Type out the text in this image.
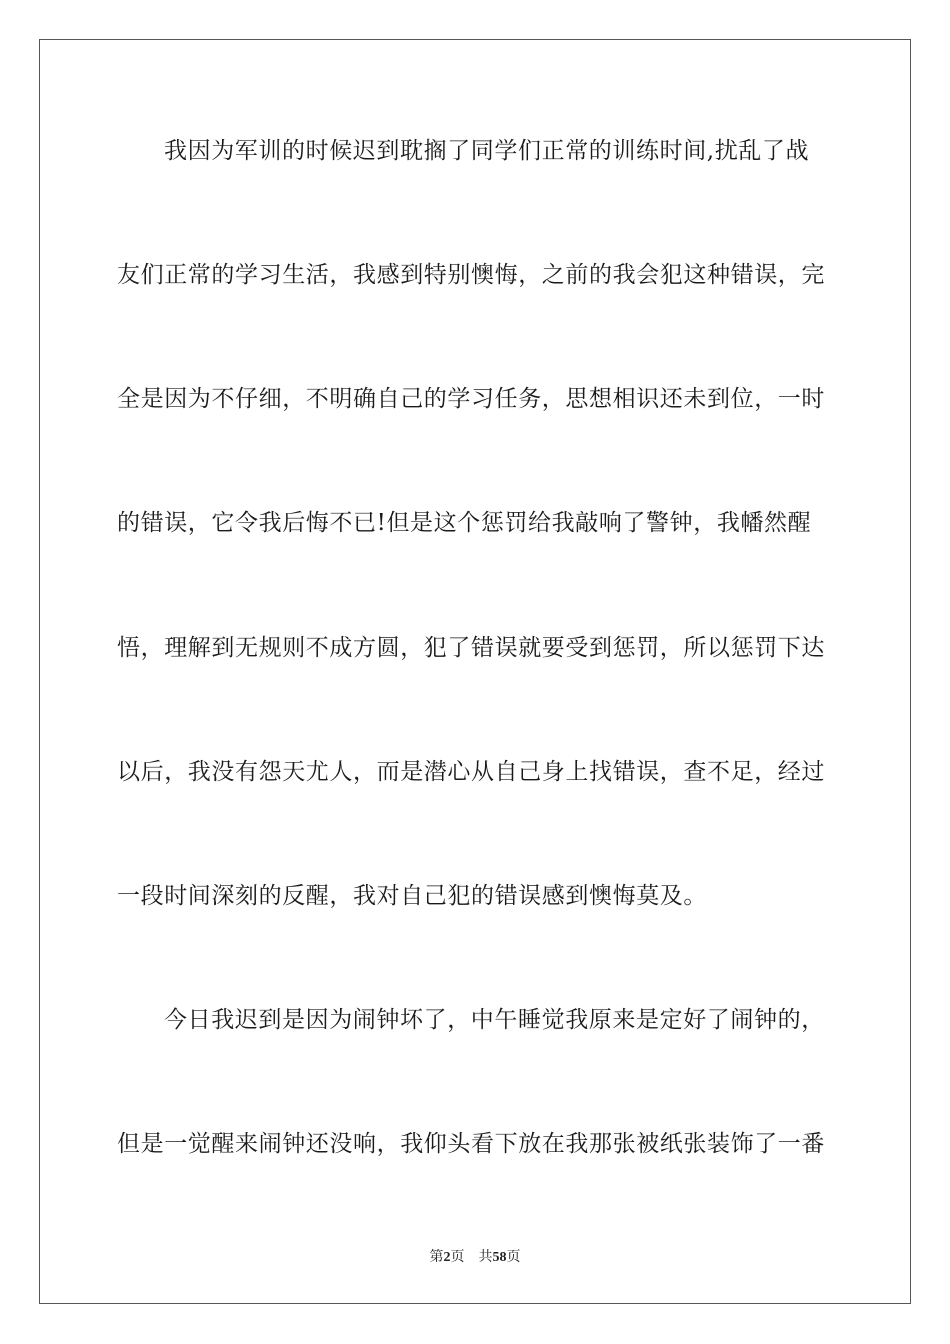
我因为军训的时候迟到耽搁了同学们正常的训练时间,扰乱了战
友们正常的学习生活，我感到特别懊悔，之前的我会犯这种错误，完
全是因为不仔细，不明确自己的学习任务，思想相识还未到位，一时
的错误，它令我后悔不已!但是这个惩罚给我敲响了警钟，我幡然醒
悟，理解到无规则不成方圆，犯了错误就要受到惩罚，所以惩罚下达
以后，我没有怨天尤人，而是潜心从自己身上找错误，查不足，经过
一段时间深刻的反醒，我对自己犯的错误感到懊悔莫及。
今日我迟到是因为闹钟坏了，中午睡觉我原来是定好了闹钟的，
但是一觉醒来闹钟还没响，我仰头看下放在我那张被纸张装饰了一番
第2页 共58页
